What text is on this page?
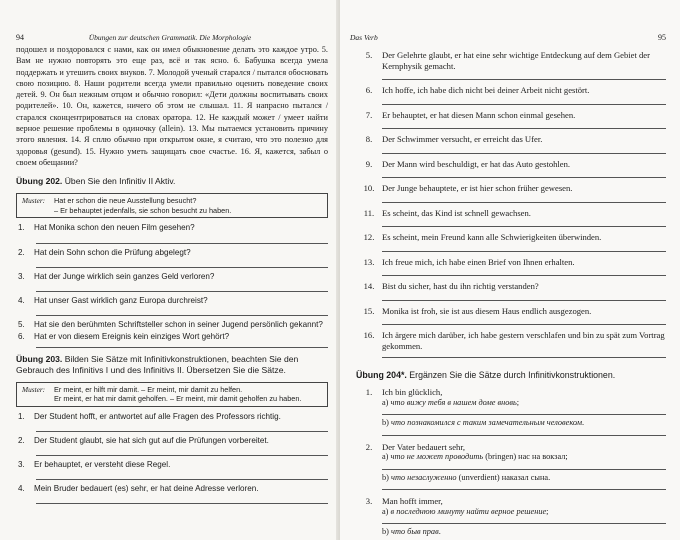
94	Übungen zur deutschen Grammatik. Die Morphologie
подошел и поздоровался с нами, как он имел обыкновение делать это каждое утро. 5. Вам не нужно повторять это еще раз, всё и так ясно. 6. Бабушка всегда умела поддержать и утешить своих внуков. 7. Молодой ученый старался / пытался обосновать свою позицию. 8. Наши родители всегда умели правильно оценить поведение своих детей. 9. Он был нежным отцом и обычно говорил: «Дети должны воспитывать своих родителей». 10. Он, кажется, ничего об этом не слышал. 11. Я напрасно пытался / старался сконцентрироваться на словах оратора. 12. Не каждый может / умеет найти верное решение проблемы в одиночку (allein). 13. Мы пытаемся установить причину этого явления. 14. Я сплю обычно при открытом окне, я считаю, что это полезно для здоровья (gesund). 15. Нужно уметь защищать свое счастье. 16. Я, кажется, забыл о своем обещании?
Übung 202. Üben Sie den Infinitiv II Aktiv.
Muster:	Hat er schon die neue Ausstellung besucht?
– Er behauptet jedenfalls, sie schon besucht zu haben.
1.	Hat Monika schon den neuen Film gesehen?
2.	Hat dein Sohn schon die Prüfung abgelegt?
3.	Hat der Junge wirklich sein ganzes Geld verloren?
4.	Hat unser Gast wirklich ganz Europa durchreist?
5.	Hat sie den berühmten Schriftsteller schon in seiner Jugend persönlich gekannt?
6.	Hat er von diesem Ereignis kein einziges Wort gehört?
Übung 203. Bilden Sie Sätze mit Infinitivkonstruktionen, beachten Sie den Gebrauch des Infinitivs I und des Infinitivs II. Übersetzen Sie die Sätze.
Muster:	Er meint, er hilft mir damit. – Er meint, mir damit zu helfen.
Er meint, er hat mir damit geholfen. – Er meint, mir damit geholfen zu haben.
1.	Der Student hofft, er antwortet auf alle Fragen des Professors richtig.
2.	Der Student glaubt, sie hat sich gut auf die Prüfungen vorbereitet.
3.	Er behauptet, er versteht diese Regel.
4.	Mein Bruder bedauert (es) sehr, er hat deine Adresse verloren.
Das Verb	95
5.	Der Gelehrte glaubt, er hat eine sehr wichtige Entdeckung auf dem Gebiet der Kernphysik gemacht.
6.	Ich hoffe, ich habe dich nicht bei deiner Arbeit nicht gestört.
7.	Er behauptet, er hat diesen Mann schon einmal gesehen.
8.	Der Schwimmer versucht, er erreicht das Ufer.
9.	Der Mann wird beschuldigt, er hat das Auto gestohlen.
10. Der Junge behauptete, er ist hier schon früher gewesen.
11. Es scheint, das Kind ist schnell gewachsen.
12. Es scheint, mein Freund kann alle Schwierigkeiten überwinden.
13. Ich freue mich, ich habe einen Brief von Ihnen erhalten.
14. Bist du sicher, hast du ihn richtig verstanden?
15. Monika ist froh, sie ist aus diesem Haus endlich ausgezogen.
16. Ich ärgere mich darüber, ich habe gestern verschlafen und bin zu spät zum Vortrag gekommen.
Übung 204*. Ergänzen Sie die Sätze durch Infinitivkonstruktionen.
1.	Ich bin glücklich,
a) что вижу тебя в нашем доме вновь;
b) что познакомился с таким замечательным человеком.
2.	Der Vater bedauert sehr,
a) что не может проводить (bringen) нас на вокзал;
b) что незаслуженно (unverdient) наказал сына.
3.	Man hofft immer,
a) в последнюю минуту найти верное решение;
b) что быв прав.
